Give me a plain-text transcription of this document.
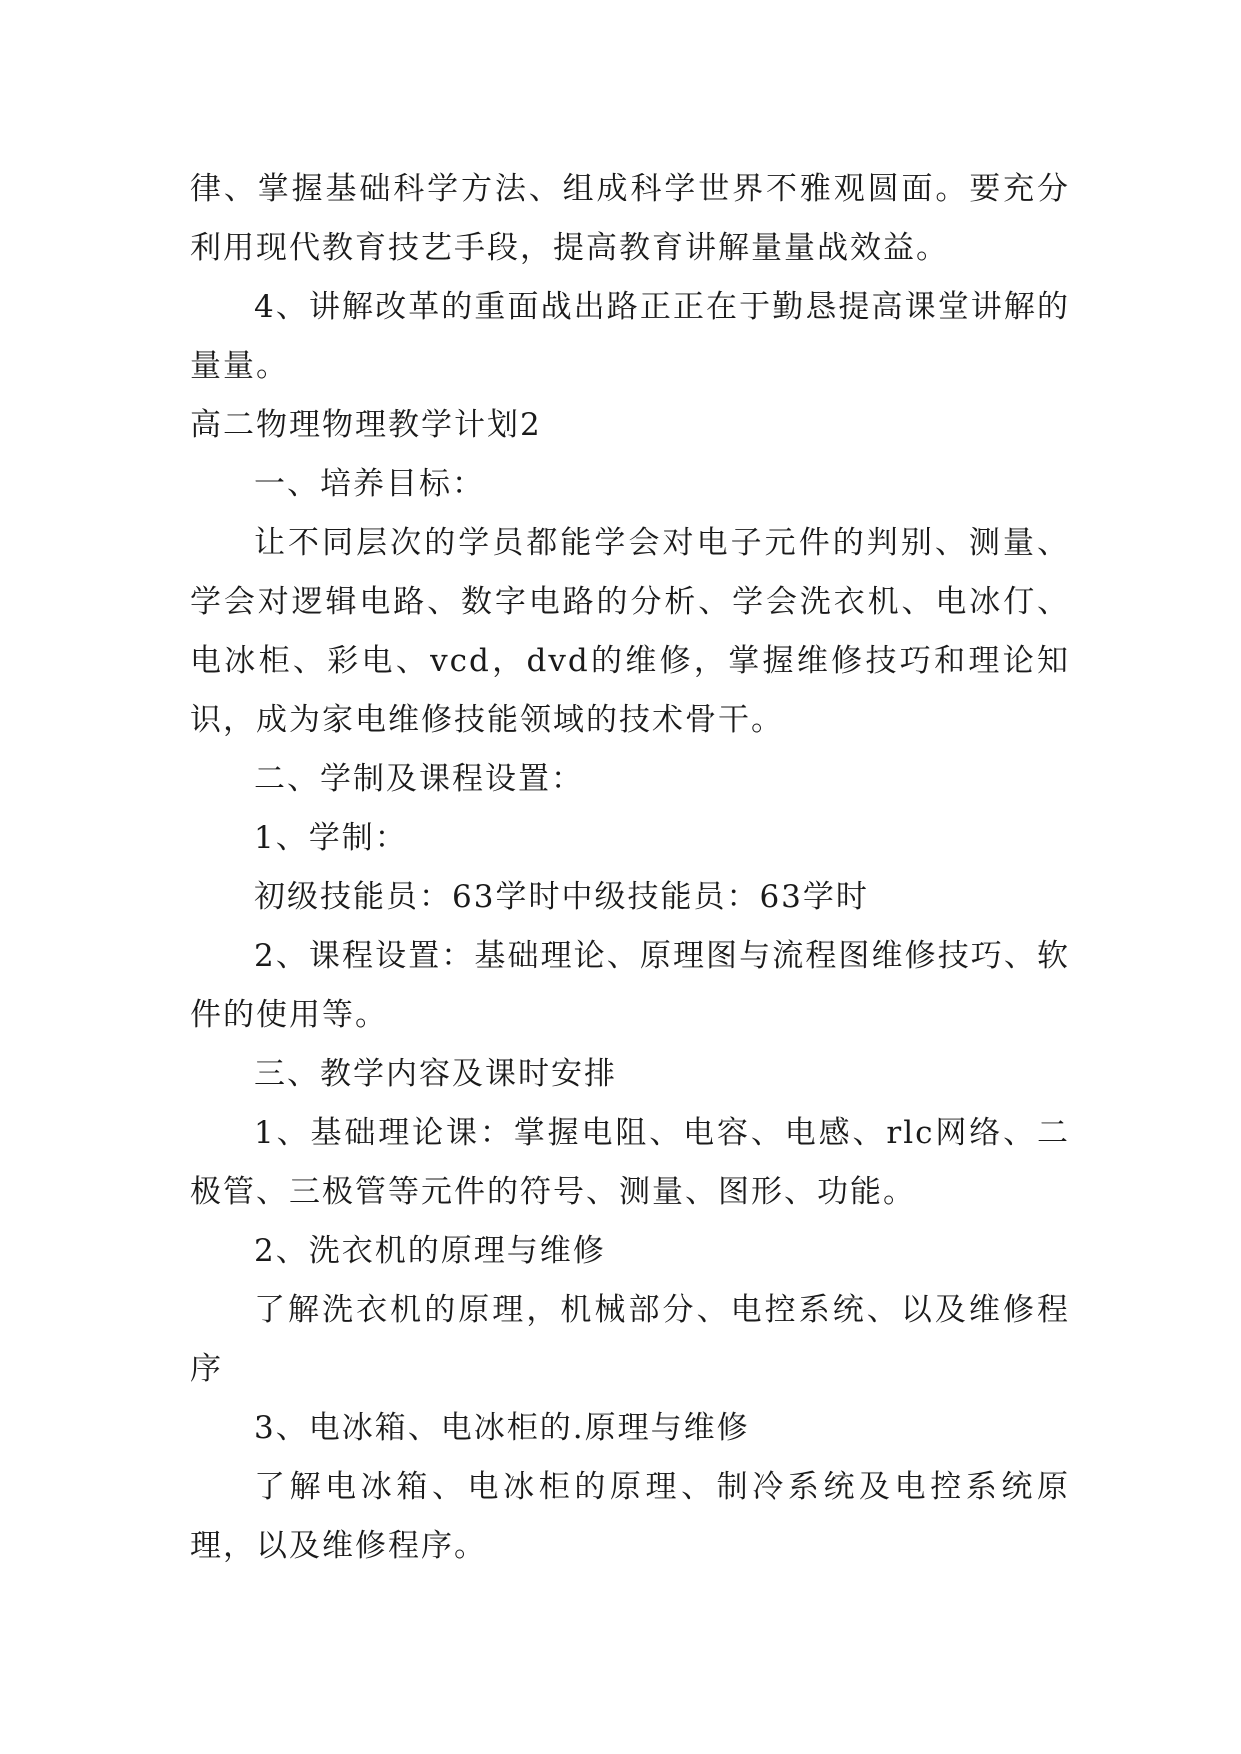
律、掌握基础科学方法、组成科学世界不雅观圆面。要充分利用现代教育技艺手段，提高教育讲解量量战效益。

4、讲解改革的重面战出路正正在于勤恳提高课堂讲解的量量。

高二物理物理教学计划2

一、培养目标：

让不同层次的学员都能学会对电子元件的判别、测量、学会对逻辑电路、数字电路的分析、学会洗衣机、电冰仃、电冰柜、彩电、vcd，dvd的维修，掌握维修技巧和理论知识，成为家电维修技能领域的技术骨干。

二、学制及课程设置：

1、学制：

初级技能员：63学时中级技能员：63学时

2、课程设置：基础理论、原理图与流程图维修技巧、软件的使用等。

三、教学内容及课时安排

1、基础理论课：掌握电阻、电容、电感、rlc网络、二极管、三极管等元件的符号、测量、图形、功能。

2、洗衣机的原理与维修

了解洗衣机的原理，机械部分、电控系统、以及维修程序

3、电冰箱、电冰柜的.原理与维修

了解电冰箱、电冰柜的原理、制冷系统及电控系统原理，以及维修程序。
